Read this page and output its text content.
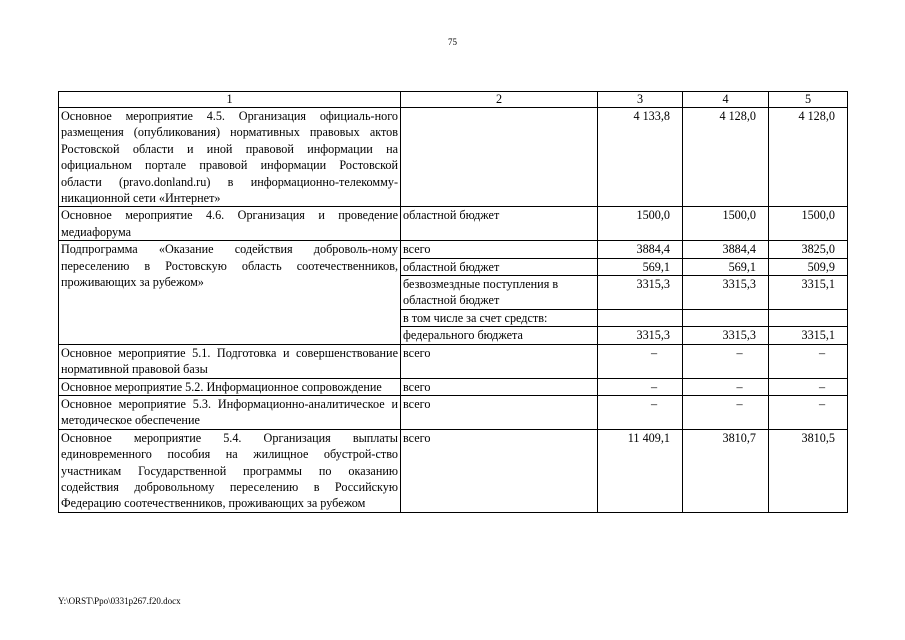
75
1	2	3	4	5
Основное мероприятие 4.5. Организация официаль-ного размещения (опубликования) нормативных правовых актов Ростовской области и иной правовой информации на официальном портале правовой информации Ростовской области (pravo.donland.ru) в информационно-телекомму-никационной сети «Интернет»		4 133,8	4 128,0	4 128,0
Основное мероприятие 4.6. Организация и проведение медиафорума	областной бюджет	1500,0	1500,0	1500,0
Подпрограмма «Оказание содействия доброволь-ному переселению в Ростовскую область соотечественников, проживающих за рубежом»	всего	3884,4	3884,4	3825,0
	областной бюджет	569,1	569,1	509,9
	безвозмездные поступления в областной бюджет	3315,3	3315,3	3315,1
	в том числе за счет средств:			
	федерального бюджета	3315,3	3315,3	3315,1
Основное мероприятие 5.1. Подготовка и совершенствование нормативной правовой базы	всего	–	–	–
Основное мероприятие 5.2. Информационное сопровождение	всего	–	–	–
Основное мероприятие 5.3. Информационно-аналитическое и методическое обеспечение	всего	–	–	–
Основное мероприятие 5.4. Организация выплаты единовременного пособия на жилищное обустрой-ство участникам Государственной программы по оказанию содействия добровольному переселению в Российскую Федерацию соотечественников, проживающих за рубежом	всего	11 409,1	3810,7	3810,5
Y:\ORST\Ppo\0331p267.f20.docx
